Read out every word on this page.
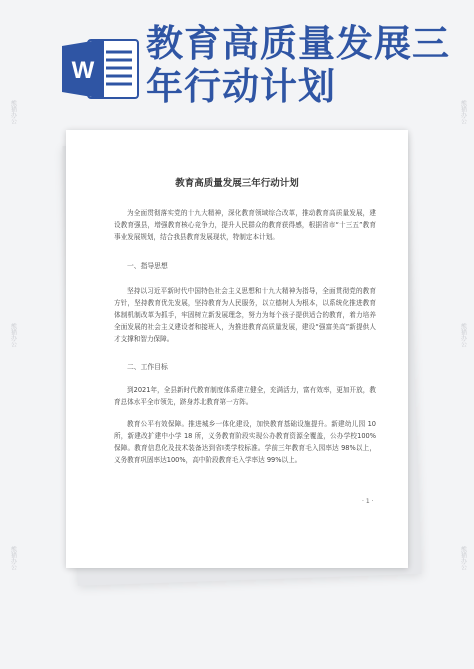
W
教育高质量发展三年行动计划
熊猫办公
熊猫办公
熊猫办公
熊猫办公
熊猫办公
熊猫办公
教育高质量发展三年行动计划
为全面贯彻落实党的十九大精神，深化教育领域综合改革，推动教育高质量发展，建设教育强县，增强教育核心竞争力，提升人民群众的教育获得感，根据省市“十三五”教育事业发展规划，结合我县教育发展现状，特制定本计划。
一、指导思想
坚持以习近平新时代中国特色社会主义思想和十九大精神为指导，全面贯彻党的教育方针，坚持教育优先发展，坚持教育为人民服务，以立德树人为根本，以系统化推进教育体制机制改革为抓手，牢固树立新发展理念，努力为每个孩子提供适合的教育，着力培养全面发展的社会主义建设者和接班人，为推进教育高质量发展，建设“强富美高”新提供人才支撑和智力保障。
二、工作目标
到2021年，全县新时代教育制度体系建立健全，充满活力，富有效率，更加开放，教育总体水平全市领先，跻身苏北教育第一方阵。
教育公平有效保障。推进城乡一体化建设，加快教育基础设施提升。新建幼儿园 10 所，新建改扩建中小学 18 所，义务教育阶段实现公办教育资源全覆盖，公办学校100%保障。教育信息化及技术装备达到省Ⅰ类学校标准。学前三年教育毛入园率达 98%以上，义务教育巩固率达100%，高中阶段教育毛入学率达 99%以上。
· 1 ·
